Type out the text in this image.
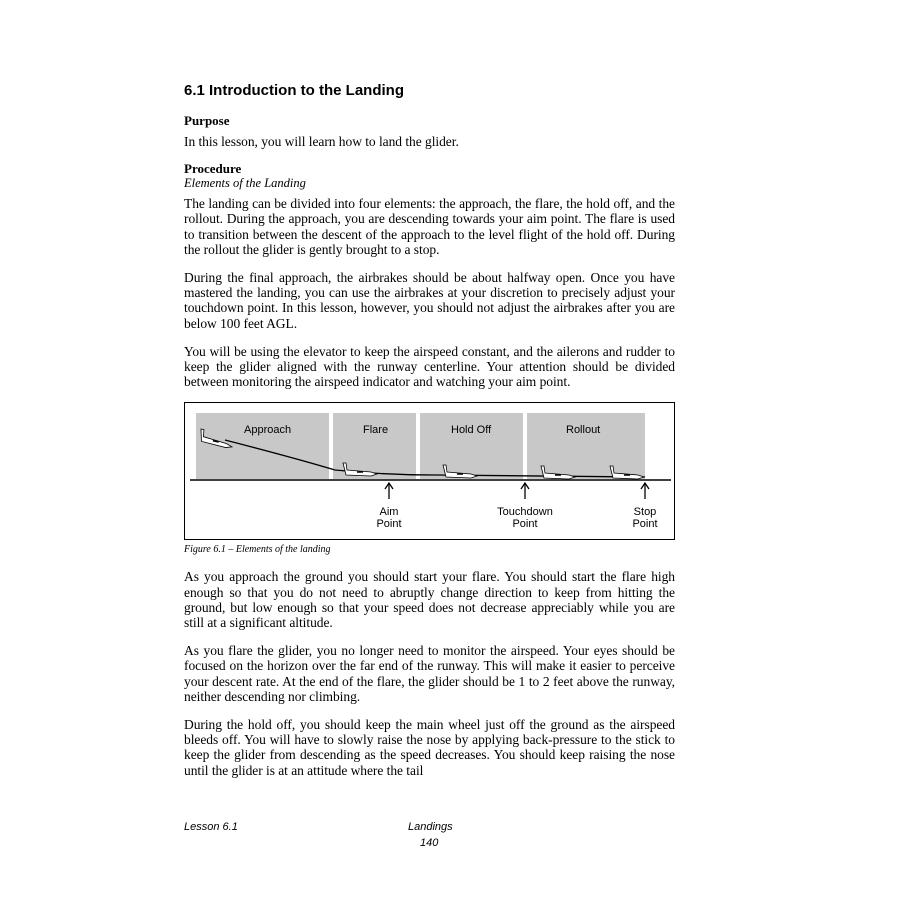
6.1 Introduction to the Landing

Purpose

In this lesson, you will learn how to land the glider.

Procedure

Elements of the Landing

The landing can be divided into four elements: the approach, the flare, the hold off, and the rollout. During the approach, you are descending towards your aim point. The flare is used to transition between the descent of the approach to the level flight of the hold off. During the rollout the glider is gently brought to a stop.

During the final approach, the airbrakes should be about halfway open. Once you have mastered the landing, you can use the airbrakes at your discretion to precisely adjust your touchdown point. In this lesson, however, you should not adjust the airbrakes after you are below 100 feet AGL.

You will be using the elevator to keep the airspeed constant, and the ailerons and rudder to keep the glider aligned with the runway centerline. Your attention should be divided between monitoring the airspeed indicator and watching your aim point.

Approach	Flare	Hold Off	Rollout
Aim
Point
Touchdown
Point
Stop
Point

Figure 6.1 – Elements of the landing

As you approach the ground you should start your flare. You should start the flare high enough so that you do not need to abruptly change direction to keep from hitting the ground, but low enough so that your speed does not decrease appreciably while you are still at a significant altitude.

As you flare the glider, you no longer need to monitor the airspeed. Your eyes should be focused on the horizon over the far end of the runway. This will make it easier to perceive your descent rate. At the end of the flare, the glider should be 1 to 2 feet above the runway, neither descending nor climbing.

During the hold off, you should keep the main wheel just off the ground as the airspeed bleeds off. You will have to slowly raise the nose by applying back-pressure to the stick to keep the glider from descending as the speed decreases. You should keep raising the nose until the glider is at an attitude where the tail

Lesson 6.1	Landings
140
